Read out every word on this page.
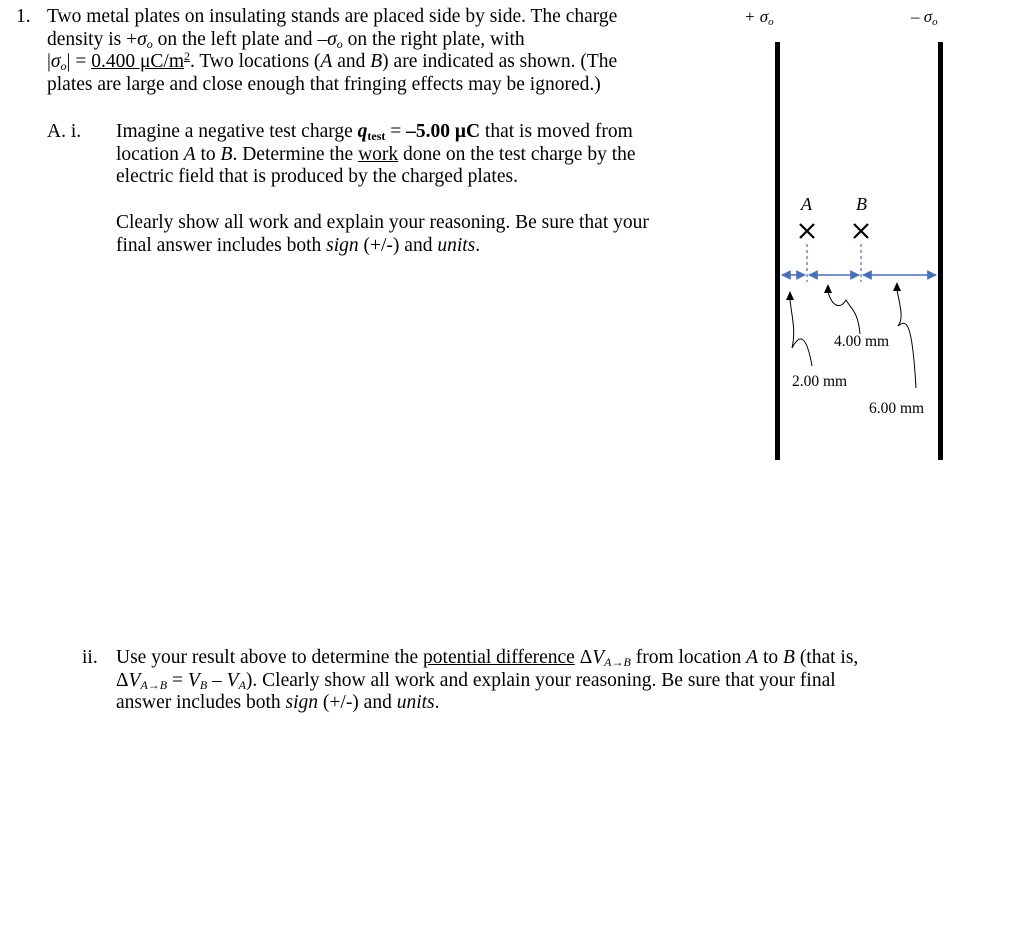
1. Two metal plates on insulating stands are placed side by side. The charge
density is $+\sigma_o$ on the left plate and $-\sigma_o$ on the right plate, with
$|\sigma_o| = 0.400$ $\mu C/m^2$. Two locations (A and B) are indicated as shown. (The
plates are large and close enough that fringing effects may be ignored.)
A. i. Imagine a negative test charge $q_{test} = -5.00$ μC that is moved from
location A to B. Determine the work done on the test charge by the
electric field that is produced by the charged plates.
Clearly show all work and explain your reasoning. Be sure that your
final answer includes both sign (+/-) and units.
ii. Use your result above to determine the potential difference $\Delta V_{A\to B}$ from location A to B (that is,
$\Delta V_{A\to B} = V_B - V_A$). Clearly show all work and explain your reasoning. Be sure that your final
answer includes both sign (+/-) and units.
+ σo	– σo
A B
4.00 mm
2.00 mm
6.00 mm
